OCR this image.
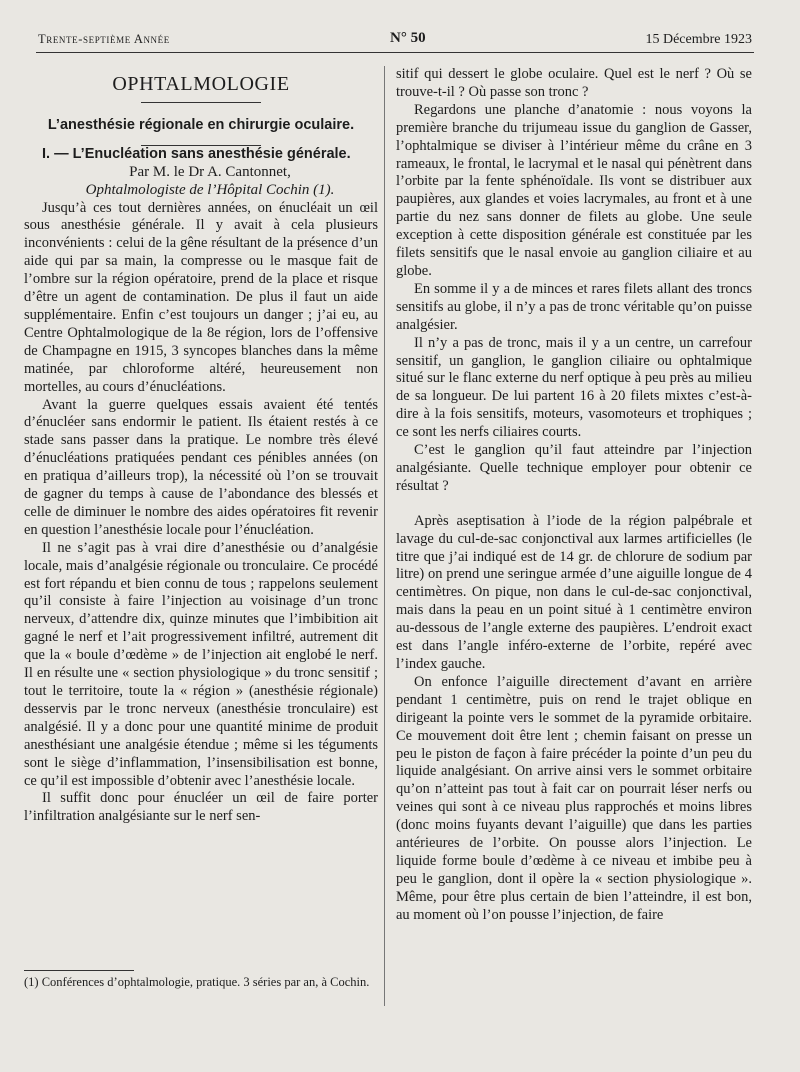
Trente-septième Année	N° 50	15 Décembre 1923
OPHTALMOLOGIE
L’anesthésie régionale en chirurgie oculaire.

I. — L’Enucléation sans anesthésie générale.

Par M. le Dr A. Cantonnet,

Ophtalmologiste de l’Hôpital Cochin (1).

Jusqu’à ces tout dernières années, on énucléait un œil sous anesthésie générale. Il y avait à cela plusieurs inconvénients : celui de la gêne résultant de la présence d’un aide qui par sa main, la compresse ou le masque fait de l’ombre sur la région opératoire, prend de la place et risque d’être un agent de contamination. De plus il faut un aide supplémentaire. Enfin c’est toujours un danger ; j’ai eu, au Centre Ophtalmologique de la 8e région, lors de l’offensive de Champagne en 1915, 3 syncopes blanches dans la même matinée, par chloroforme altéré, heureusement non mortelles, au cours d’énucléations.

Avant la guerre quelques essais avaient été tentés d’énucléer sans endormir le patient. Ils étaient restés à ce stade sans passer dans la pratique. Le nombre très élevé d’énucléations pratiquées pendant ces pénibles années (on en pratiqua d’ailleurs trop), la nécessité où l’on se trouvait de gagner du temps à cause de l’abondance des blessés et celle de diminuer le nombre des aides opératoires fit revenir en question l’anesthésie locale pour l’énucléation.

Il ne s’agit pas à vrai dire d’anesthésie ou d’analgésie locale, mais d’analgésie régionale ou tronculaire. Ce procédé est fort répandu et bien connu de tous ; rappelons seulement qu’il consiste à faire l’injection au voisinage d’un tronc nerveux, d’attendre dix, quinze minutes que l’imbibition ait gagné le nerf et l’ait progressivement infiltré, autrement dit que la « boule d’œdème » de l’injection ait englobé le nerf. Il en résulte une « section physiologique » du tronc sensitif ; tout le territoire, toute la « région » (anesthésie régionale) desservis par le tronc nerveux (anesthésie tronculaire) est analgésié. Il y a donc pour une quantité minime de produit anesthésiant une analgésie étendue ; même si les téguments sont le siège d’inflammation, l’insensibilisation est bonne, ce qu’il est impossible d’obtenir avec l’anesthésie locale.

Il suffit donc pour énucléer un œil de faire porter l’infiltration analgésiante sur le nerf sen-

(1) Conférences d’ophtalmologie, pratique. 3 séries par an, à Cochin.

sitif qui dessert le globe oculaire. Quel est le nerf ? Où se trouve-t-il ? Où passe son tronc ?

Regardons une planche d’anatomie : nous voyons la première branche du trijumeau issue du ganglion de Gasser, l’ophtalmique se diviser à l’intérieur même du crâne en 3 rameaux, le frontal, le lacrymal et le nasal qui pénètrent dans l’orbite par la fente sphénoïdale. Ils vont se distribuer aux paupières, aux glandes et voies lacrymales, au front et à une partie du nez sans donner de filets au globe. Une seule exception à cette disposition générale est constituée par les filets sensitifs que le nasal envoie au ganglion ciliaire et au globe.

En somme il y a de minces et rares filets allant des troncs sensitifs au globe, il n’y a pas de tronc véritable qu’on puisse analgésier.

Il n’y a pas de tronc, mais il y a un centre, un carrefour sensitif, un ganglion, le ganglion ciliaire ou ophtalmique situé sur le flanc externe du nerf optique à peu près au milieu de sa longueur. De lui partent 16 à 20 filets mixtes c’est-à-dire à la fois sensitifs, moteurs, vasomoteurs et trophiques ; ce sont les nerfs ciliaires courts.

C’est le ganglion qu’il faut atteindre par l’injection analgésiante. Quelle technique employer pour obtenir ce résultat ?

Après aseptisation à l’iode de la région palpébrale et lavage du cul-de-sac conjonctival aux larmes artificielles (le titre que j’ai indiqué est de 14 gr. de chlorure de sodium par litre) on prend une seringue armée d’une aiguille longue de 4 centimètres. On pique, non dans le cul-de-sac conjonctival, mais dans la peau en un point situé à 1 centimètre environ au-dessous de l’angle externe des paupières. L’endroit exact est dans l’angle inféro-externe de l’orbite, repéré avec l’index gauche.

On enfonce l’aiguille directement d’avant en arrière pendant 1 centimètre, puis on rend le trajet oblique en dirigeant la pointe vers le sommet de la pyramide orbitaire. Ce mouvement doit être lent ; chemin faisant on presse un peu le piston de façon à faire précéder la pointe d’un peu du liquide analgésiant. On arrive ainsi vers le sommet orbitaire qu’on n’atteint pas tout à fait car on pourrait léser nerfs ou veines qui sont à ce niveau plus rapprochés et moins libres (donc moins fuyants devant l’aiguille) que dans les parties antérieures de l’orbite. On pousse alors l’injection. Le liquide forme boule d’œdème à ce niveau et imbibe peu à peu le ganglion, dont il opère la « section physiologique ». Même, pour être plus certain de bien l’atteindre, il est bon, au moment où l’on pousse l’injection, de faire
